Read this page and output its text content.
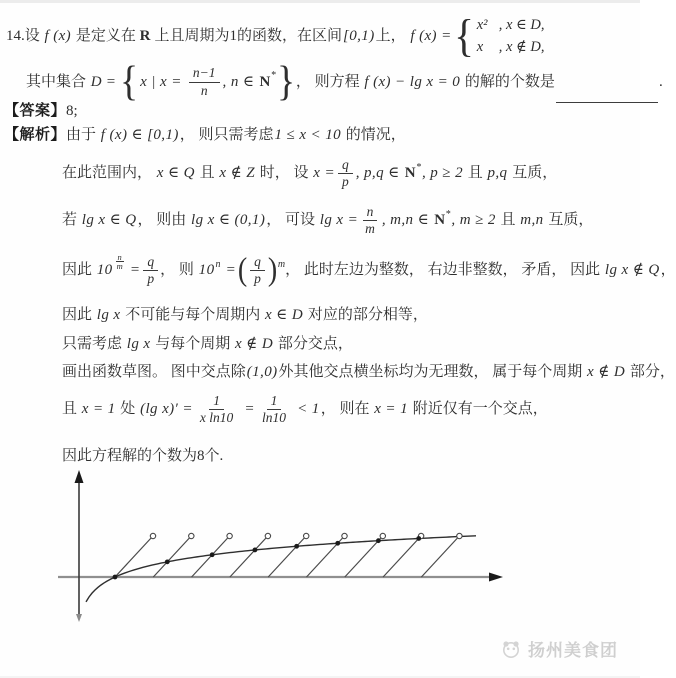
14.设 f (x) 是定义在 R 上且周期为1的函数，在区间 [0,1) 上， f (x) = { x² , x ∈ D,
x	, x ∉ D,
其中集合 D = { x | $x = \frac{n-1}{n}$ , n ∈ N * } ， 则方程 f (x) − lg x = 0 的解的个数是	.
【答案】 8;
【解析】 由于 f (x) ∈ [0,1) ， 则只需考虑 1 ≤ x < 10 的情况，
在此范围内， x ∈ Q 且 x ∉ Z 时， 设 $x = \frac{q}{p}$ , p,q ∈ N * , p ≥ 2 且 p,q 互质，
若 lg x ∈ Q ， 则由 lg x ∈ (0,1) ， 可设 $\lg x = \frac{n}{m}$ , m,n ∈ N * , m ≥ 2 且 m,n 互质，
因此 $10 \frac{n}{m} = \frac{q}{p}$ ， 则 10 n = ( $\frac{q}{p}$ ) m ， 此时左边为整数， 右边非整数， 矛盾， 因此 lg x ∉ Q ，
因此 lg x 不可能与每个周期内 x ∈ D 对应的部分相等，
只需考虑 lg x 与每个周期 x ∉ D 部分交点，
画出函数草图。 图中交点除 (1,0) 外其他交点横坐标均为无理数， 属于每个周期 x ∉ D 部分，
且 x = 1 处 (lg $x)' = \frac{1}{\text{x ln10}} = \frac{1}{\ln 10} < 1$ ， 则在 x = 1 附近仅有一个交点，
因此方程解的个数为8个.
扬州美食团
